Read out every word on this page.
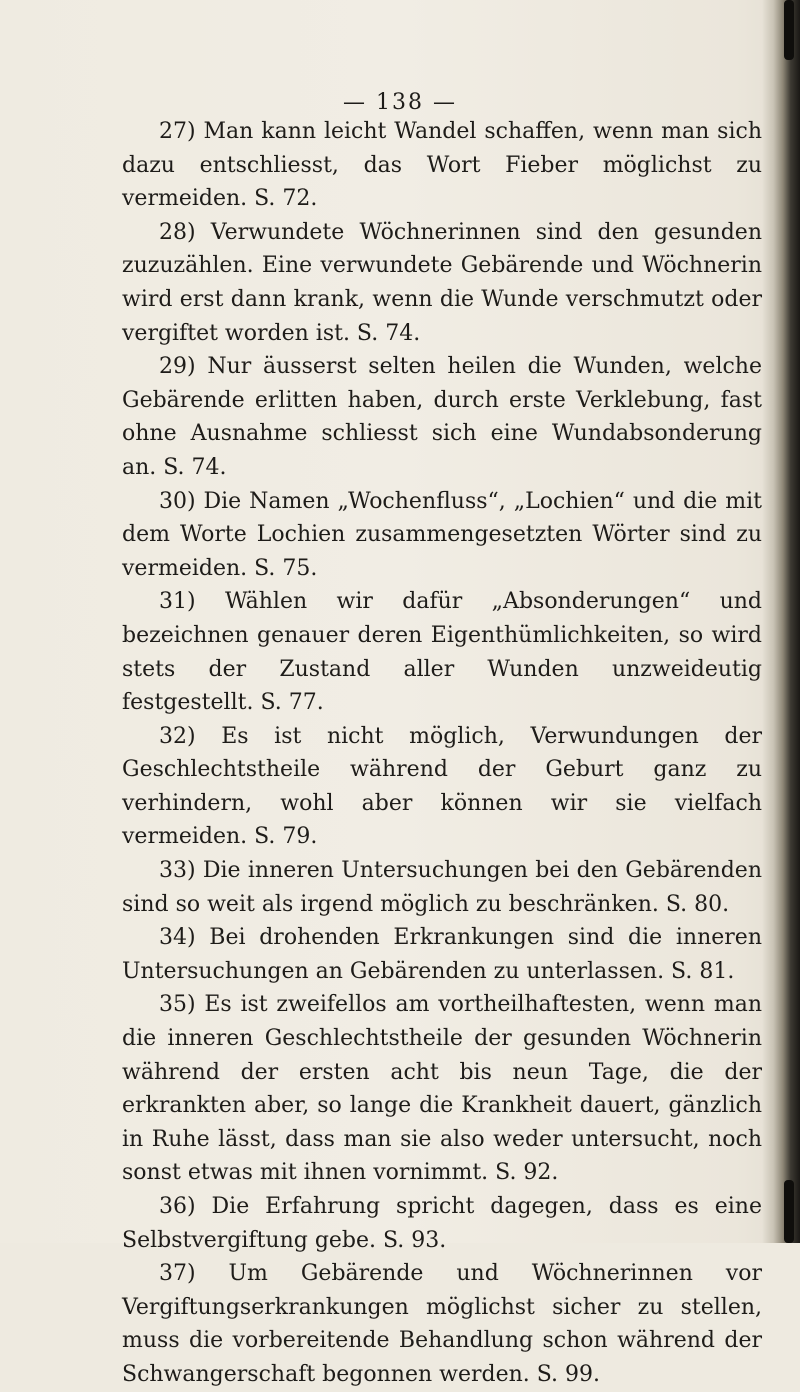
— 138 —

27) Man kann leicht Wandel schaffen, wenn man sich dazu entschliesst, das Wort Fieber möglichst zu vermeiden. S. 72.

28) Verwundete Wöchnerinnen sind den gesunden zuzuzählen. Eine verwundete Gebärende und Wöchnerin wird erst dann krank, wenn die Wunde verschmutzt oder vergiftet worden ist. S. 74.

29) Nur äusserst selten heilen die Wunden, welche Gebärende erlitten haben, durch erste Verklebung, fast ohne Ausnahme schliesst sich eine Wundabsonderung an. S. 74.

30) Die Namen „Wochenfluss“, „Lochien“ und die mit dem Worte Lochien zusammengesetzten Wörter sind zu vermeiden. S. 75.

31) Wählen wir dafür „Absonderungen“ und bezeichnen genauer deren Eigenthümlichkeiten, so wird stets der Zustand aller Wunden unzweideutig festgestellt. S. 77.

32) Es ist nicht möglich, Verwundungen der Geschlechtstheile während der Geburt ganz zu verhindern, wohl aber können wir sie vielfach vermeiden. S. 79.

33) Die inneren Untersuchungen bei den Gebärenden sind so weit als irgend möglich zu beschränken. S. 80.

34) Bei drohenden Erkrankungen sind die inneren Untersuchungen an Gebärenden zu unterlassen. S. 81.

35) Es ist zweifellos am vortheilhaftesten, wenn man die inneren Geschlechtstheile der gesunden Wöchnerin während der ersten acht bis neun Tage, die der erkrankten aber, so lange die Krankheit dauert, gänzlich in Ruhe lässt, dass man sie also weder untersucht, noch sonst etwas mit ihnen vornimmt. S. 92.

36) Die Erfahrung spricht dagegen, dass es eine Selbstvergiftung gebe. S. 93.

37) Um Gebärende und Wöchnerinnen vor Vergiftungserkrankungen möglichst sicher zu stellen, muss die vorbereitende Behandlung schon während der Schwangerschaft begonnen werden. S. 99.
